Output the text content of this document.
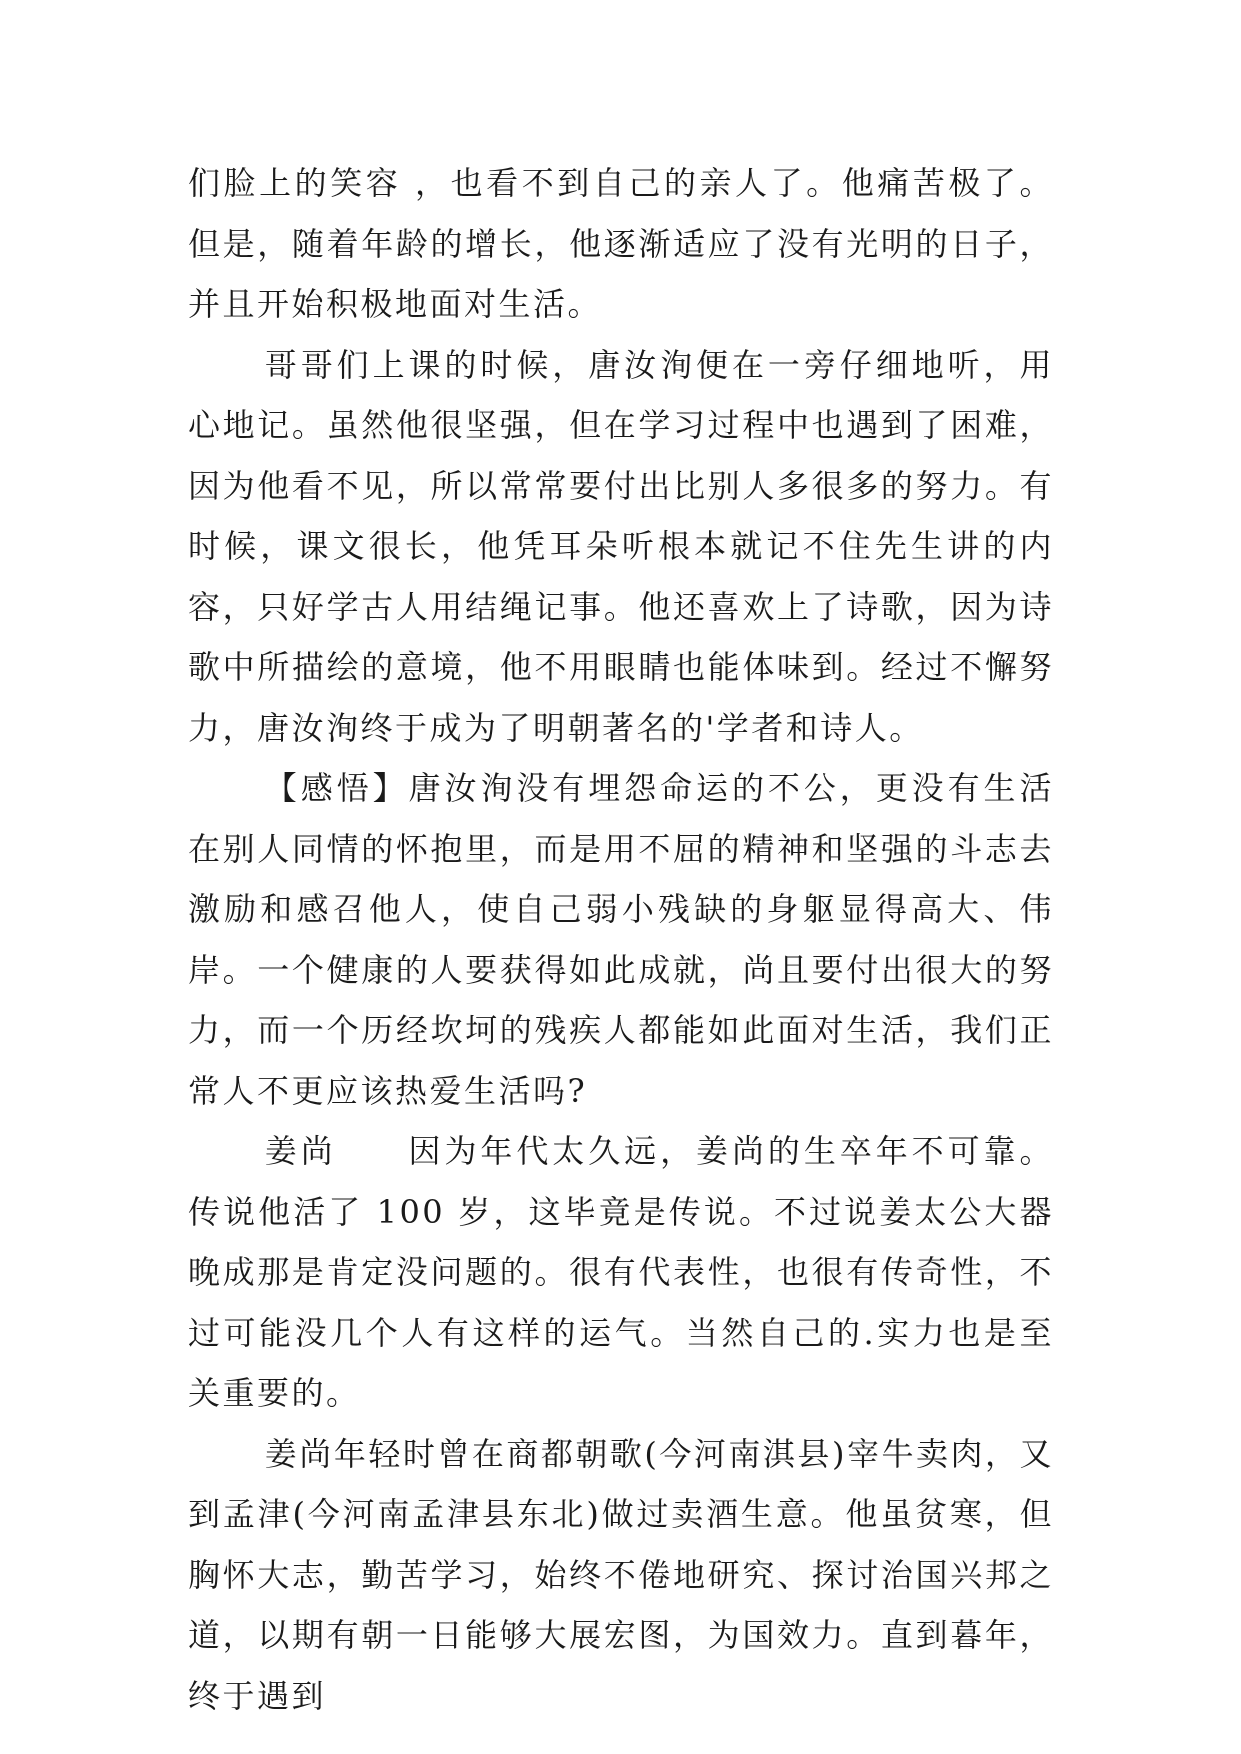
们脸上的笑容 ，也看不到自己的亲人了。他痛苦极了。但是，随着年龄的增长，他逐渐适应了没有光明的日子，并且开始积极地面对生活。

哥哥们上课的时候，唐汝洵便在一旁仔细地听，用心地记。虽然他很坚强，但在学习过程中也遇到了困难，因为他看不见，所以常常要付出比别人多很多的努力。有时候，课文很长，他凭耳朵听根本就记不住先生讲的内容，只好学古人用结绳记事。他还喜欢上了诗歌，因为诗歌中所描绘的意境，他不用眼睛也能体味到。经过不懈努力，唐汝洵终于成为了明朝著名的'学者和诗人。

【感悟】唐汝洵没有埋怨命运的不公，更没有生活在别人同情的怀抱里，而是用不屈的精神和坚强的斗志去激励和感召他人，使自己弱小残缺的身躯显得高大、伟岸。一个健康的人要获得如此成就，尚且要付出很大的努力，而一个历经坎坷的残疾人都能如此面对生活，我们正常人不更应该热爱生活吗?

姜尚　　因为年代太久远，姜尚的生卒年不可靠。传说他活了 100 岁，这毕竟是传说。不过说姜太公大器晚成那是肯定没问题的。很有代表性，也很有传奇性，不过可能没几个人有这样的运气。当然自己的.实力也是至关重要的。

姜尚年轻时曾在商都朝歌(今河南淇县)宰牛卖肉，又到孟津(今河南孟津县东北)做过卖酒生意。他虽贫寒，但胸怀大志，勤苦学习，始终不倦地研究、探讨治国兴邦之道，以期有朝一日能够大展宏图，为国效力。直到暮年，终于遇到
